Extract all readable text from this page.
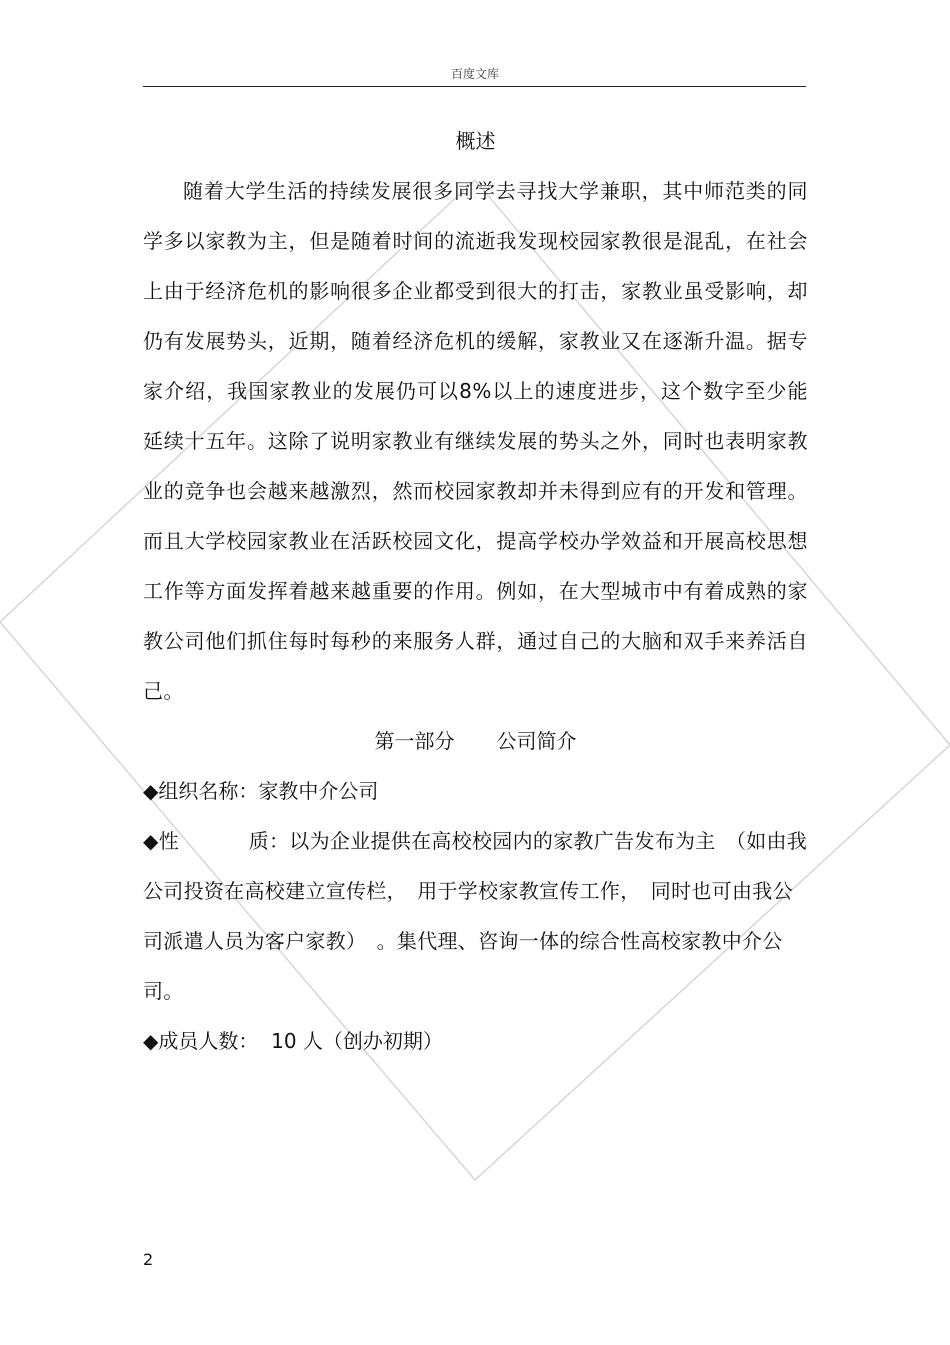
百度文库
概述

随着大学生活的持续发展很多同学去寻找大学兼职，其中师范类的同学多以家教为主，但是随着时间的流逝我发现校园家教很是混乱，在社会上由于经济危机的影响很多企业都受到很大的打击，家教业虽受影响，却仍有发展势头，近期，随着经济危机的缓解，家教业又在逐渐升温。据专家介绍，我国家教业的发展仍可以8%以上的速度进步，这个数字至少能延续十五年。这除了说明家教业有继续发展的势头之外，同时也表明家教业的竞争也会越来越激烈，然而校园家教却并未得到应有的开发和管理。而且大学校园家教业在活跃校园文化，提高学校办学效益和开展高校思想工作等方面发挥着越来越重要的作用。例如，在大型城市中有着成熟的家教公司他们抓住每时每秒的来服务人群，通过自己的大脑和双手来养活自己。

第一部分 公司简介

◆组织名称：家教中介公司

◆性	质：以为企业提供在高校校园内的家教广告发布为主　（如由我公司投资在高校建立宣传栏，　用于学校家教宣传工作，　同时也可由我公司派遣人员为客户家教）　。集代理、咨询一体的综合性高校家教中介公司。

◆成员人数： 10 人（创办初期）

2
